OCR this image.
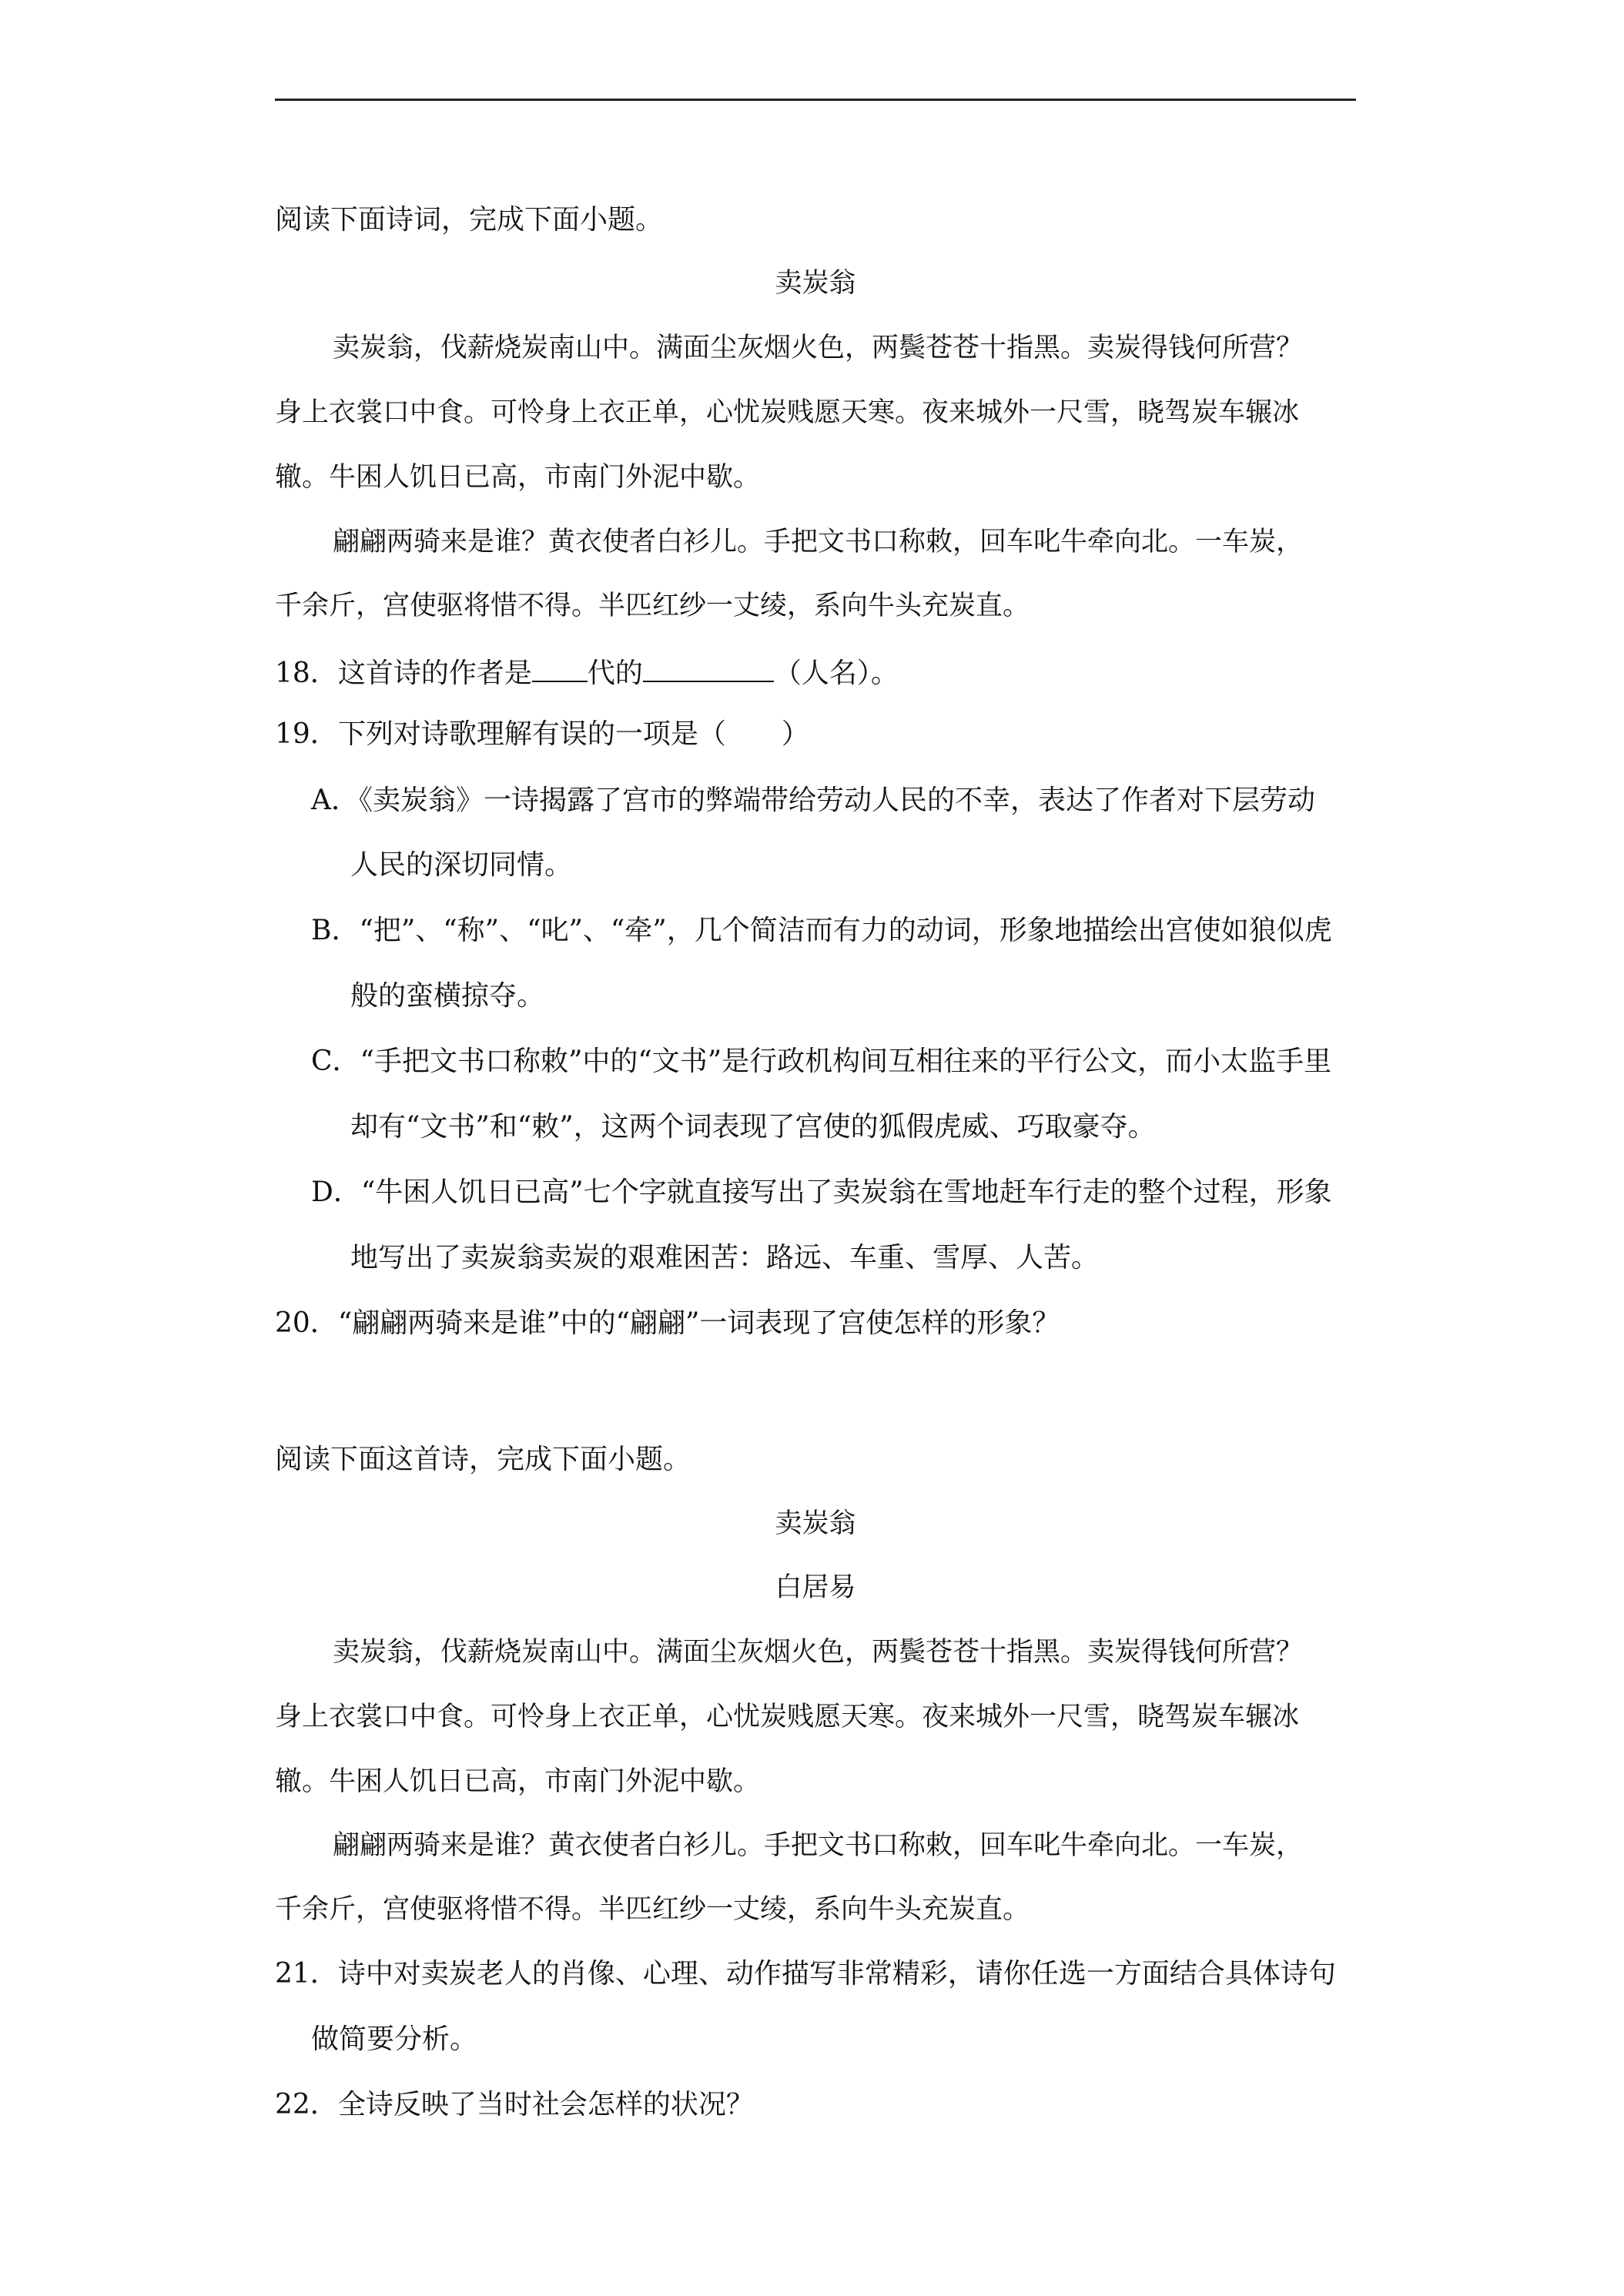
阅读下面诗词，完成下面小题。
卖炭翁
卖炭翁，伐薪烧炭南山中。满面尘灰烟火色，两鬓苍苍十指黑。卖炭得钱何所营？
身上衣裳口中食。可怜身上衣正单，心忧炭贱愿天寒。夜来城外一尺雪，晓驾炭车辗冰
辙。牛困人饥日已高，市南门外泥中歇。
翩翩两骑来是谁？黄衣使者白衫儿。手把文书口称敕，回车叱牛牵向北。一车炭，
千余斤，宫使驱将惜不得。半匹红纱一丈绫，系向牛头充炭直。
18．这首诗的作者是 代的	（人名）。
19．下列对诗歌理解有误的一项是（　　）
A．《卖炭翁》一诗揭露了宫市的弊端带给劳动人民的不幸，表达了作者对下层劳动
人民的深切同情。
B．“把”、“称”、“叱”、“牵”，几个简洁而有力的动词，形象地描绘出宫使如狼似虎
般的蛮横掠夺。
C．“手把文书口称敕”中的“文书”是行政机构间互相往来的平行公文，而小太监手里
却有“文书”和“敕”，这两个词表现了宫使的狐假虎威、巧取豪夺。
D．“牛困人饥日已高”七个字就直接写出了卖炭翁在雪地赶车行走的整个过程，形象
地写出了卖炭翁卖炭的艰难困苦：路远、车重、雪厚、人苦。
20．“翩翩两骑来是谁”中的“翩翩”一词表现了宫使怎样的形象？
阅读下面这首诗，完成下面小题。
卖炭翁
白居易
卖炭翁，伐薪烧炭南山中。满面尘灰烟火色，两鬓苍苍十指黑。卖炭得钱何所营？
身上衣裳口中食。可怜身上衣正单，心忧炭贱愿天寒。夜来城外一尺雪，晓驾炭车辗冰
辙。牛困人饥日已高，市南门外泥中歇。
翩翩两骑来是谁？黄衣使者白衫儿。手把文书口称敕，回车叱牛牵向北。一车炭，
千余斤，宫使驱将惜不得。半匹红纱一丈绫，系向牛头充炭直。
21．诗中对卖炭老人的肖像、心理、动作描写非常精彩，请你任选一方面结合具体诗句
做简要分析。
22．全诗反映了当时社会怎样的状况？
